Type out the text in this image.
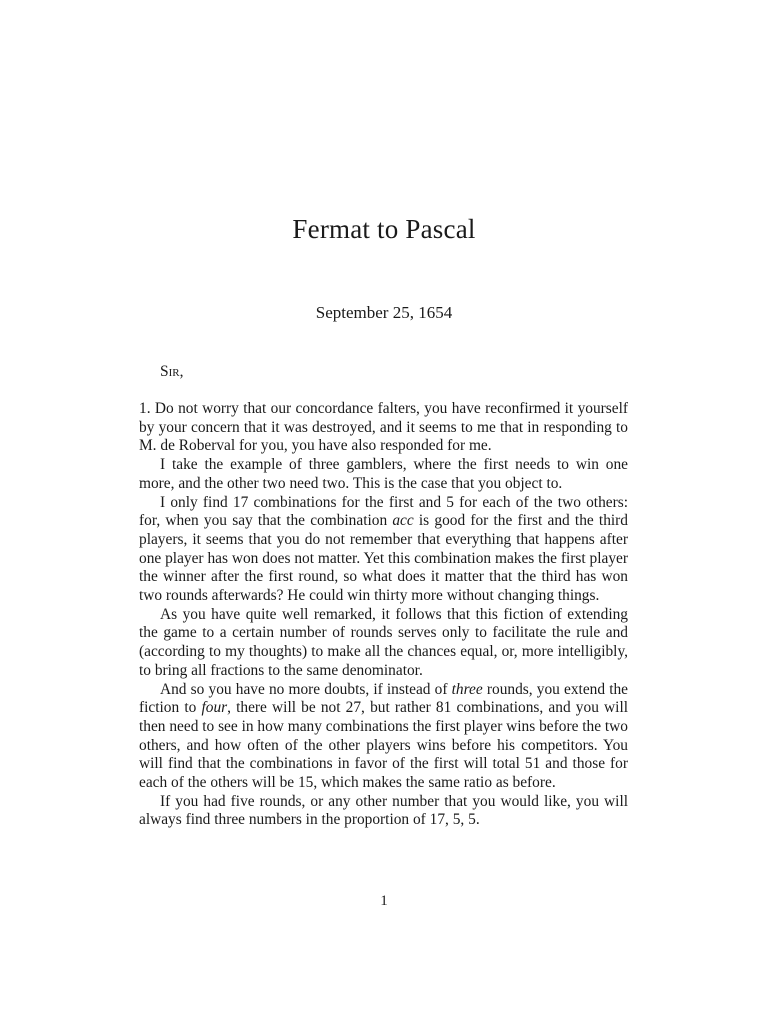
Fermat to Pascal
September 25, 1654
Sir,

1. Do not worry that our concordance falters, you have reconfirmed it yourself by your concern that it was destroyed, and it seems to me that in responding to M. de Roberval for you, you have also responded for me.

I take the example of three gamblers, where the first needs to win one more, and the other two need two. This is the case that you object to.

I only find 17 combinations for the first and 5 for each of the two others: for, when you say that the combination acc is good for the first and the third players, it seems that you do not remember that everything that happens after one player has won does not matter. Yet this combination makes the first player the winner after the first round, so what does it matter that the third has won two rounds afterwards? He could win thirty more without changing things.

As you have quite well remarked, it follows that this fiction of extending the game to a certain number of rounds serves only to facilitate the rule and (according to my thoughts) to make all the chances equal, or, more intelligibly, to bring all fractions to the same denominator.

And so you have no more doubts, if instead of three rounds, you extend the fiction to four, there will be not 27, but rather 81 combinations, and you will then need to see in how many combinations the first player wins before the two others, and how often of the other players wins before his competitors. You will find that the combinations in favor of the first will total 51 and those for each of the others will be 15, which makes the same ratio as before.

If you had five rounds, or any other number that you would like, you will always find three numbers in the proportion of 17, 5, 5.

1
